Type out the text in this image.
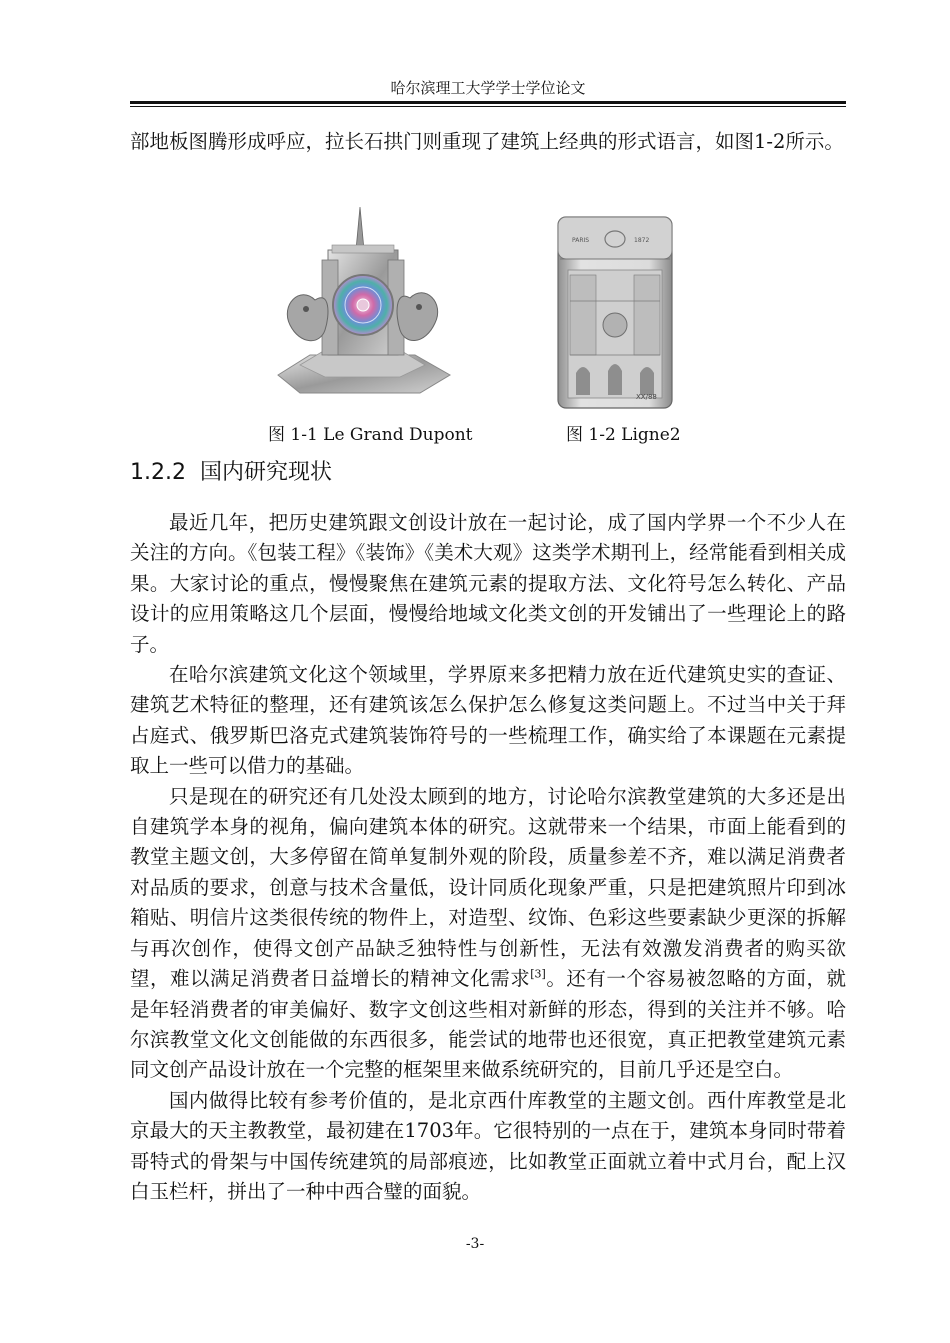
哈尔滨理工大学学士学位论文

部地板图腾形成呼应，拉长石拱门则重现了建筑上经典的形式语言，如图1-2所示。

PARIS	1872
XX/88
图 1-1 Le Grand Dupont	图 1-2 Ligne2
1.2.2 国内研究现状

最近几年，把历史建筑跟文创设计放在一起讨论，成了国内学界一个不少人在关注的方向。《包装工程》《装饰》《美术大观》这类学术期刊上，经常能看到相关成果。大家讨论的重点，慢慢聚焦在建筑元素的提取方法、文化符号怎么转化、产品设计的应用策略这几个层面，慢慢给地域文化类文创的开发铺出了一些理论上的路子。

在哈尔滨建筑文化这个领域里，学界原来多把精力放在近代建筑史实的查证、建筑艺术特征的整理，还有建筑该怎么保护怎么修复这类问题上。不过当中关于拜占庭式、俄罗斯巴洛克式建筑装饰符号的一些梳理工作，确实给了本课题在元素提取上一些可以借力的基础。

只是现在的研究还有几处没太顾到的地方，讨论哈尔滨教堂建筑的大多还是出自建筑学本身的视角，偏向建筑本体的研究。这就带来一个结果，市面上能看到的教堂主题文创，大多停留在简单复制外观的阶段，质量参差不齐，难以满足消费者对品质的要求，创意与技术含量低，设计同质化现象严重，只是把建筑照片印到冰箱贴、明信片这类很传统的物件上，对造型、纹饰、色彩这些要素缺少更深的拆解与再次创作，使得文创产品缺乏独特性与创新性，无法有效激发消费者的购买欲望，难以满足消费者日益增长的精神文化需求[3]。还有一个容易被忽略的方面，就是年轻消费者的审美偏好、数字文创这些相对新鲜的形态，得到的关注并不够。哈尔滨教堂文化文创能做的东西很多，能尝试的地带也还很宽，真正把教堂建筑元素同文创产品设计放在一个完整的框架里来做系统研究的，目前几乎还是空白。

国内做得比较有参考价值的，是北京西什库教堂的主题文创。西什库教堂是北京最大的天主教教堂，最初建在1703年。它很特别的一点在于，建筑本身同时带着哥特式的骨架与中国传统建筑的局部痕迹，比如教堂正面就立着中式月台，配上汉白玉栏杆，拼出了一种中西合璧的面貌。

-3-
